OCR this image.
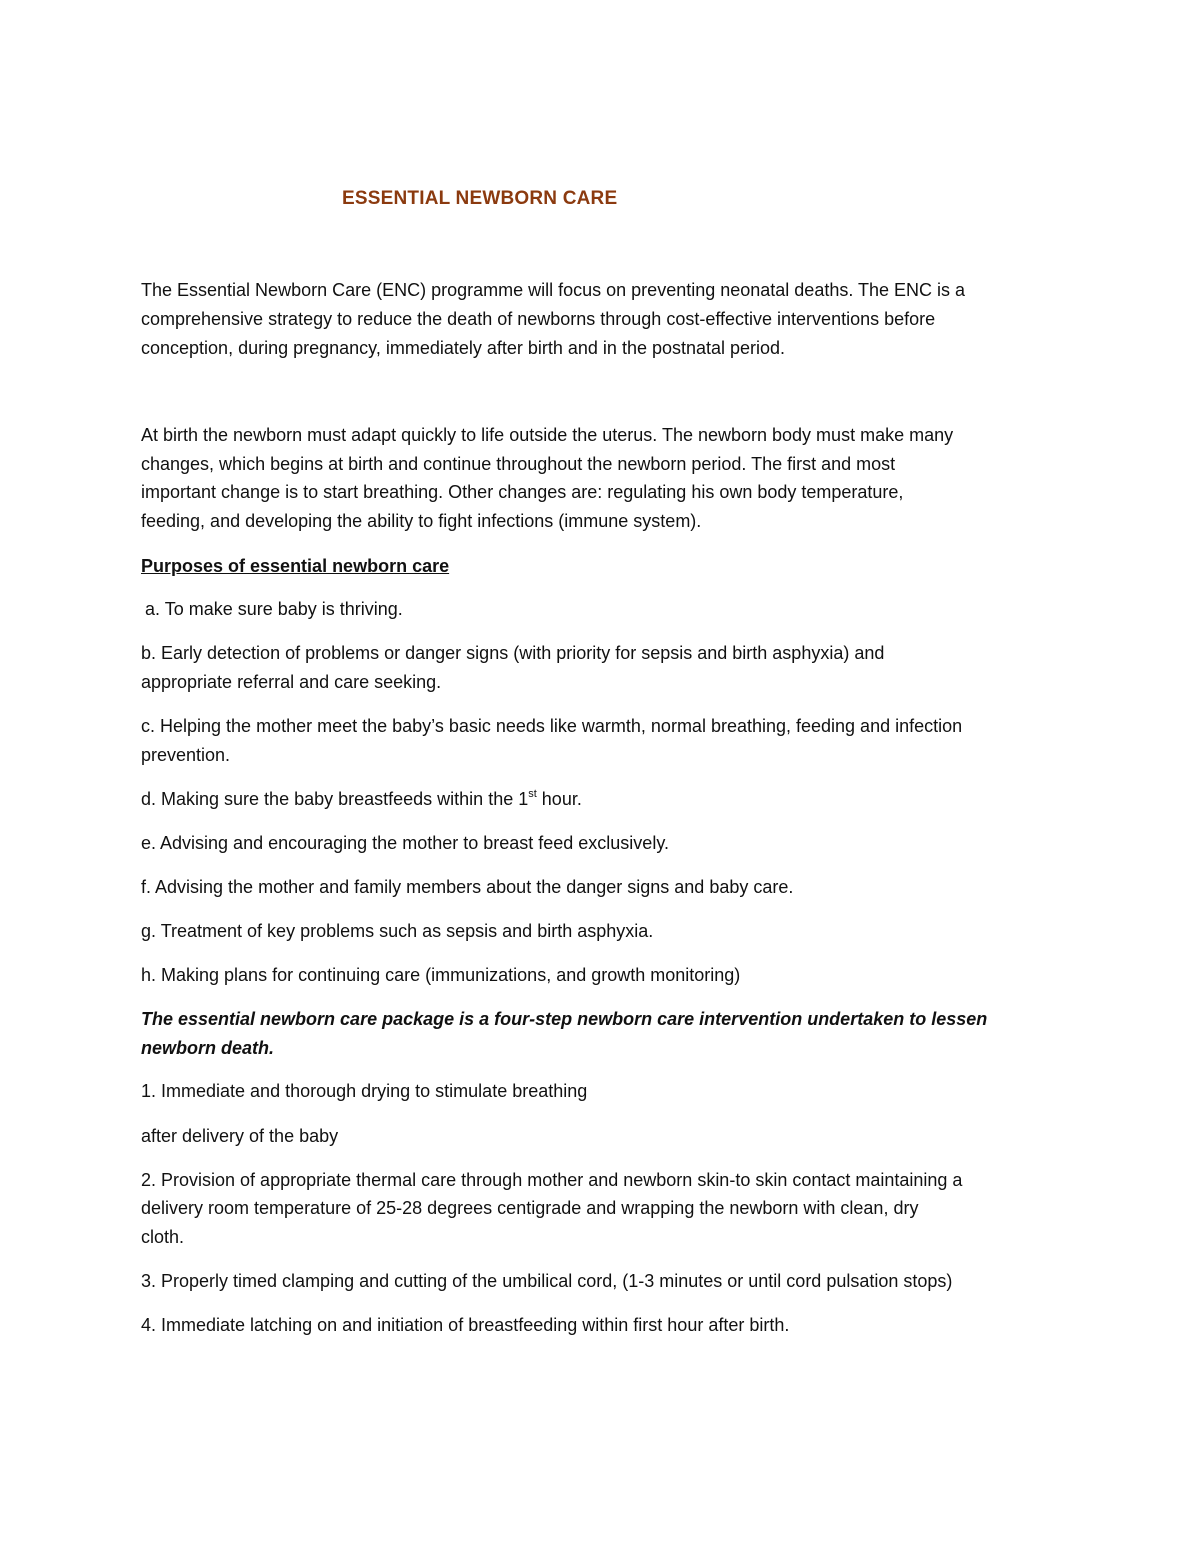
ESSENTIAL NEWBORN CARE

The Essential Newborn Care (ENC) programme will focus on preventing neonatal deaths. The ENC is a

comprehensive strategy to reduce the death of newborns through cost-effective interventions before

conception, during pregnancy, immediately after birth and in the postnatal period.

At birth the newborn must adapt quickly to life outside the uterus. The newborn body must make many

changes, which begins at birth and continue throughout the newborn period. The first and most

important change is to start breathing. Other changes are: regulating his own body temperature,

feeding, and developing the ability to fight infections (immune system).

Purposes of essential newborn care

a. To make sure baby is thriving.

b. Early detection of problems or danger signs (with priority for sepsis and birth asphyxia) and

appropriate referral and care seeking.

c. Helping the mother meet the baby’s basic needs like warmth, normal breathing, feeding and infection

prevention.

d. Making sure the baby breastfeeds within the 1st hour.

e. Advising and encouraging the mother to breast feed exclusively.

f. Advising the mother and family members about the danger signs and baby care.

g. Treatment of key problems such as sepsis and birth asphyxia.

h. Making plans for continuing care (immunizations, and growth monitoring)

The essential newborn care package is a four-step newborn care intervention undertaken to lessen

newborn death.

1. Immediate and thorough drying to stimulate breathing

after delivery of the baby

2. Provision of appropriate thermal care through mother and newborn skin-to skin contact maintaining a

delivery room temperature of 25-28 degrees centigrade and wrapping the newborn with clean, dry

cloth.

3. Properly timed clamping and cutting of the umbilical cord, (1-3 minutes or until cord pulsation stops)

4. Immediate latching on and initiation of breastfeeding within first hour after birth.
